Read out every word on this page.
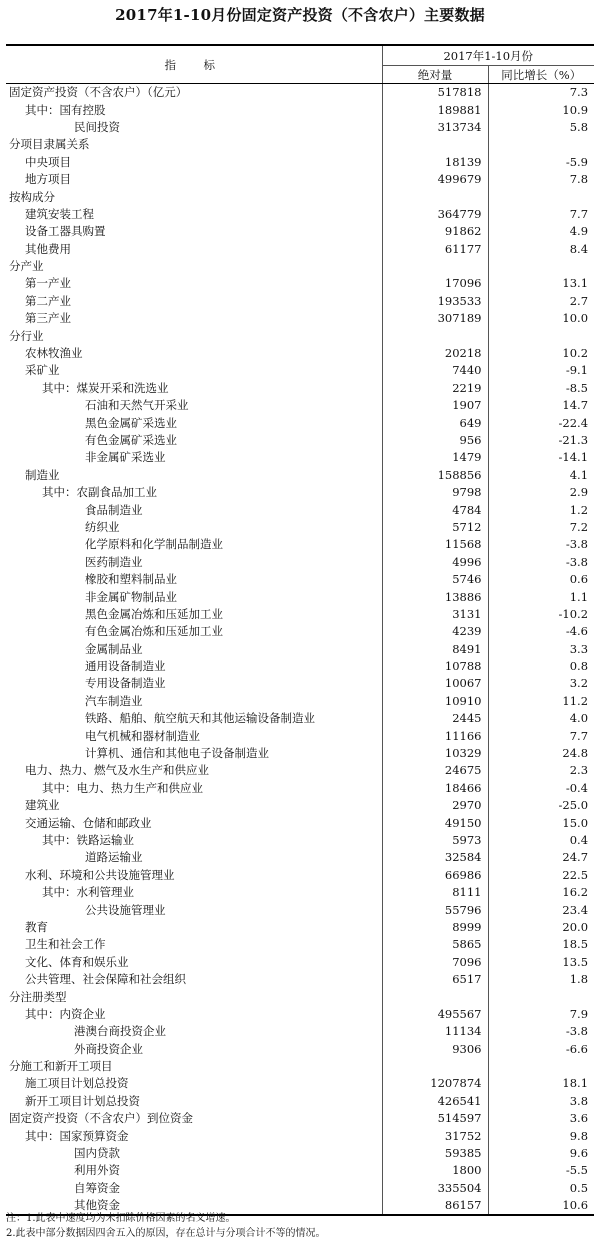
2017年1-10月份固定资产投资（不含农户）主要数据
指　标	2017年1-10月份	
	绝对量	同比增长（%）
固定资产投资（不含农户）（亿元）	517818	7.3
其中：国有控股	189881	10.9
民间投资	313734	5.8
分项目隶属关系		
中央项目	18139	-5.9
地方项目	499679	7.8
按构成分		
建筑安装工程	364779	7.7
设备工器具购置	91862	4.9
其他费用	61177	8.4
分产业		
第一产业	17096	13.1
第二产业	193533	2.7
第三产业	307189	10.0
分行业		
农林牧渔业	20218	10.2
采矿业	7440	-9.1
其中：煤炭开采和洗选业	2219	-8.5
石油和天然气开采业	1907	14.7
黑色金属矿采选业	649	-22.4
有色金属矿采选业	956	-21.3
非金属矿采选业	1479	-14.1
制造业	158856	4.1
其中：农副食品加工业	9798	2.9
食品制造业	4784	1.2
纺织业	5712	7.2
化学原料和化学制品制造业	11568	-3.8
医药制造业	4996	-3.8
橡胶和塑料制品业	5746	0.6
非金属矿物制品业	13886	1.1
黑色金属冶炼和压延加工业	3131	-10.2
有色金属冶炼和压延加工业	4239	-4.6
金属制品业	8491	3.3
通用设备制造业	10788	0.8
专用设备制造业	10067	3.2
汽车制造业	10910	11.2
铁路、船舶、航空航天和其他运输设备制造业	2445	4.0
电气机械和器材制造业	11166	7.7
计算机、通信和其他电子设备制造业	10329	24.8
电力、热力、燃气及水生产和供应业	24675	2.3
其中：电力、热力生产和供应业	18466	-0.4
建筑业	2970	-25.0
交通运输、仓储和邮政业	49150	15.0
其中：铁路运输业	5973	0.4
道路运输业	32584	24.7
水利、环境和公共设施管理业	66986	22.5
其中：水利管理业	8111	16.2
公共设施管理业	55796	23.4
教育	8999	20.0
卫生和社会工作	5865	18.5
文化、体育和娱乐业	7096	13.5
公共管理、社会保障和社会组织	6517	1.8
分注册类型		
其中：内资企业	495567	7.9
港澳台商投资企业	11134	-3.8
外商投资企业	9306	-6.6
分施工和新开工项目		
施工项目计划总投资	1207874	18.1
新开工项目计划总投资	426541	3.8
固定资产投资（不含农户）到位资金	514597	3.6
其中：国家预算资金	31752	9.8
国内贷款	59385	9.6
利用外资	1800	-5.5
自筹资金	335504	0.5
其他资金	86157	10.6
注：1.此表中速度均为未扣除价格因素的名义增速。
2.此表中部分数据因四舍五入的原因，存在总计与分项合计不等的情况。
